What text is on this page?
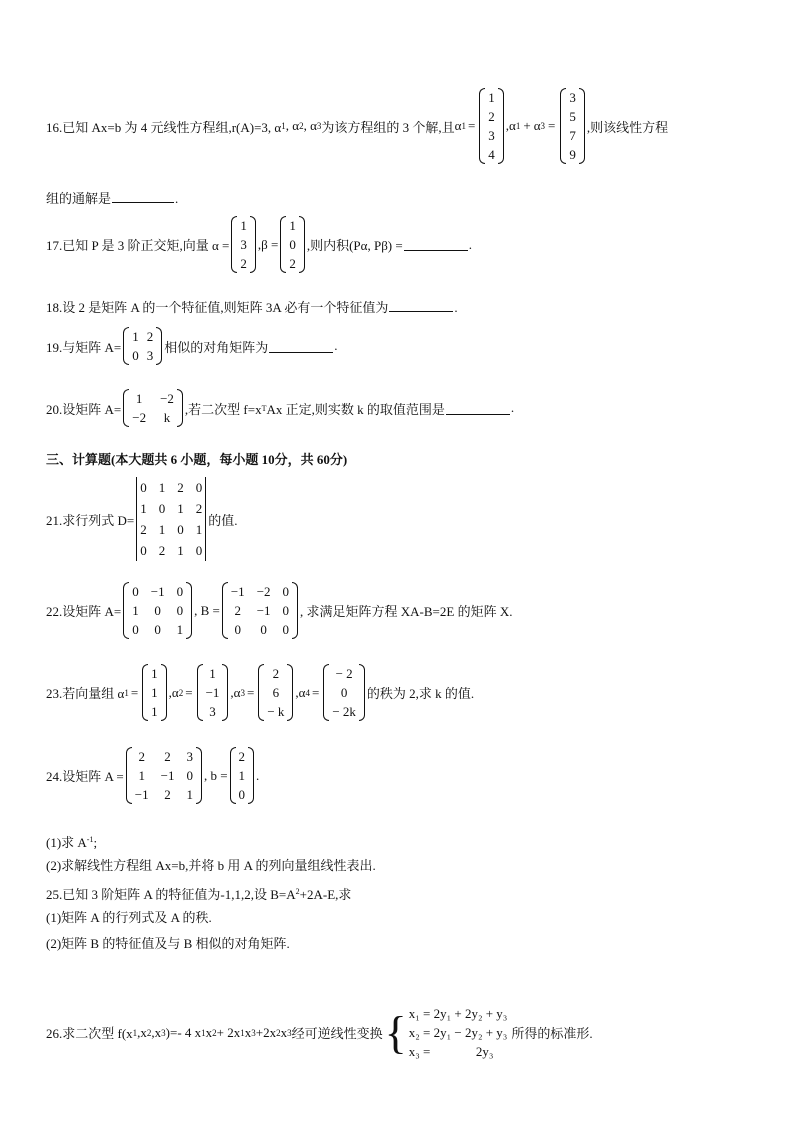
16.已知 Ax=b 为 4 元线性方程组,r(A)=3, α 1 , α 2 , α 3 为该方程组的 3 个解,且 α 1 =
1
2
3
4
,α 1 + α 3 =
3
5
7
9
,则该线性方程
组的通解是	.
17.已知 P 是 3 阶正交矩,向量 α =
1
3
2
,β =
1
0
2
,则内积(Pα, Pβ) =	.
18.设 2 是矩阵 A 的一个特征值,则矩阵 3A 必有一个特征值为	.
19.与矩阵 A=
1 2
0 3
相似的对角矩阵为	.
20.设矩阵 A=
1 −2
−2 k
,若二次型 f=x T Ax 正定,则实数 k 的取值范围是	.
三、计算题(本大题共 6 小题，每小题 10分，共 60分)
21.求行列式 D=
0 1 2 0
1 0 1 2
2 1 0 1
0 2 1 0
的值.
22.设矩阵 A=
0 −1 0
1 0 0
0 0 1
, B =
−1 −2 0
2 −1 0
0 0 0
, 求满足矩阵方程 XA-B=2E 的矩阵 X.
23.若向量组 α 1 =
1
1
1
,α 2 =
1
−1
3
,α 3 =
2
6
− k
,α 4 =
− 2
0
− 2k
的秩为 2,求 k 的值.
24.设矩阵 A =
2 2 3
1 −1 0
−1 2 1
, b =
2
1
0
.
(1)求 $A^{-1}$;
(2)求解线性方程组 Ax=b,并将 b 用 A 的列向量组线性表出.
25.已知 3 阶矩阵 A 的特征值为-1,1,2,设 $B=A^2+2A-E$,求
(1)矩阵 A 的行列式及 A 的秩.
(2)矩阵 B 的特征值及与 B 相似的对角矩阵.
26.求二次型 f(x 1 ,x 2 ,x 3 )=- 4 x 1 x 2 + 2x 1 x 3 +2x 2 x 3 经可逆线性变换 {

x₁ = 2y₁ + 2y₂ + y₃
x₂ = 2y₁ − 2y₂ + y₃
x₃ =              2y₃

所得的标准形.
